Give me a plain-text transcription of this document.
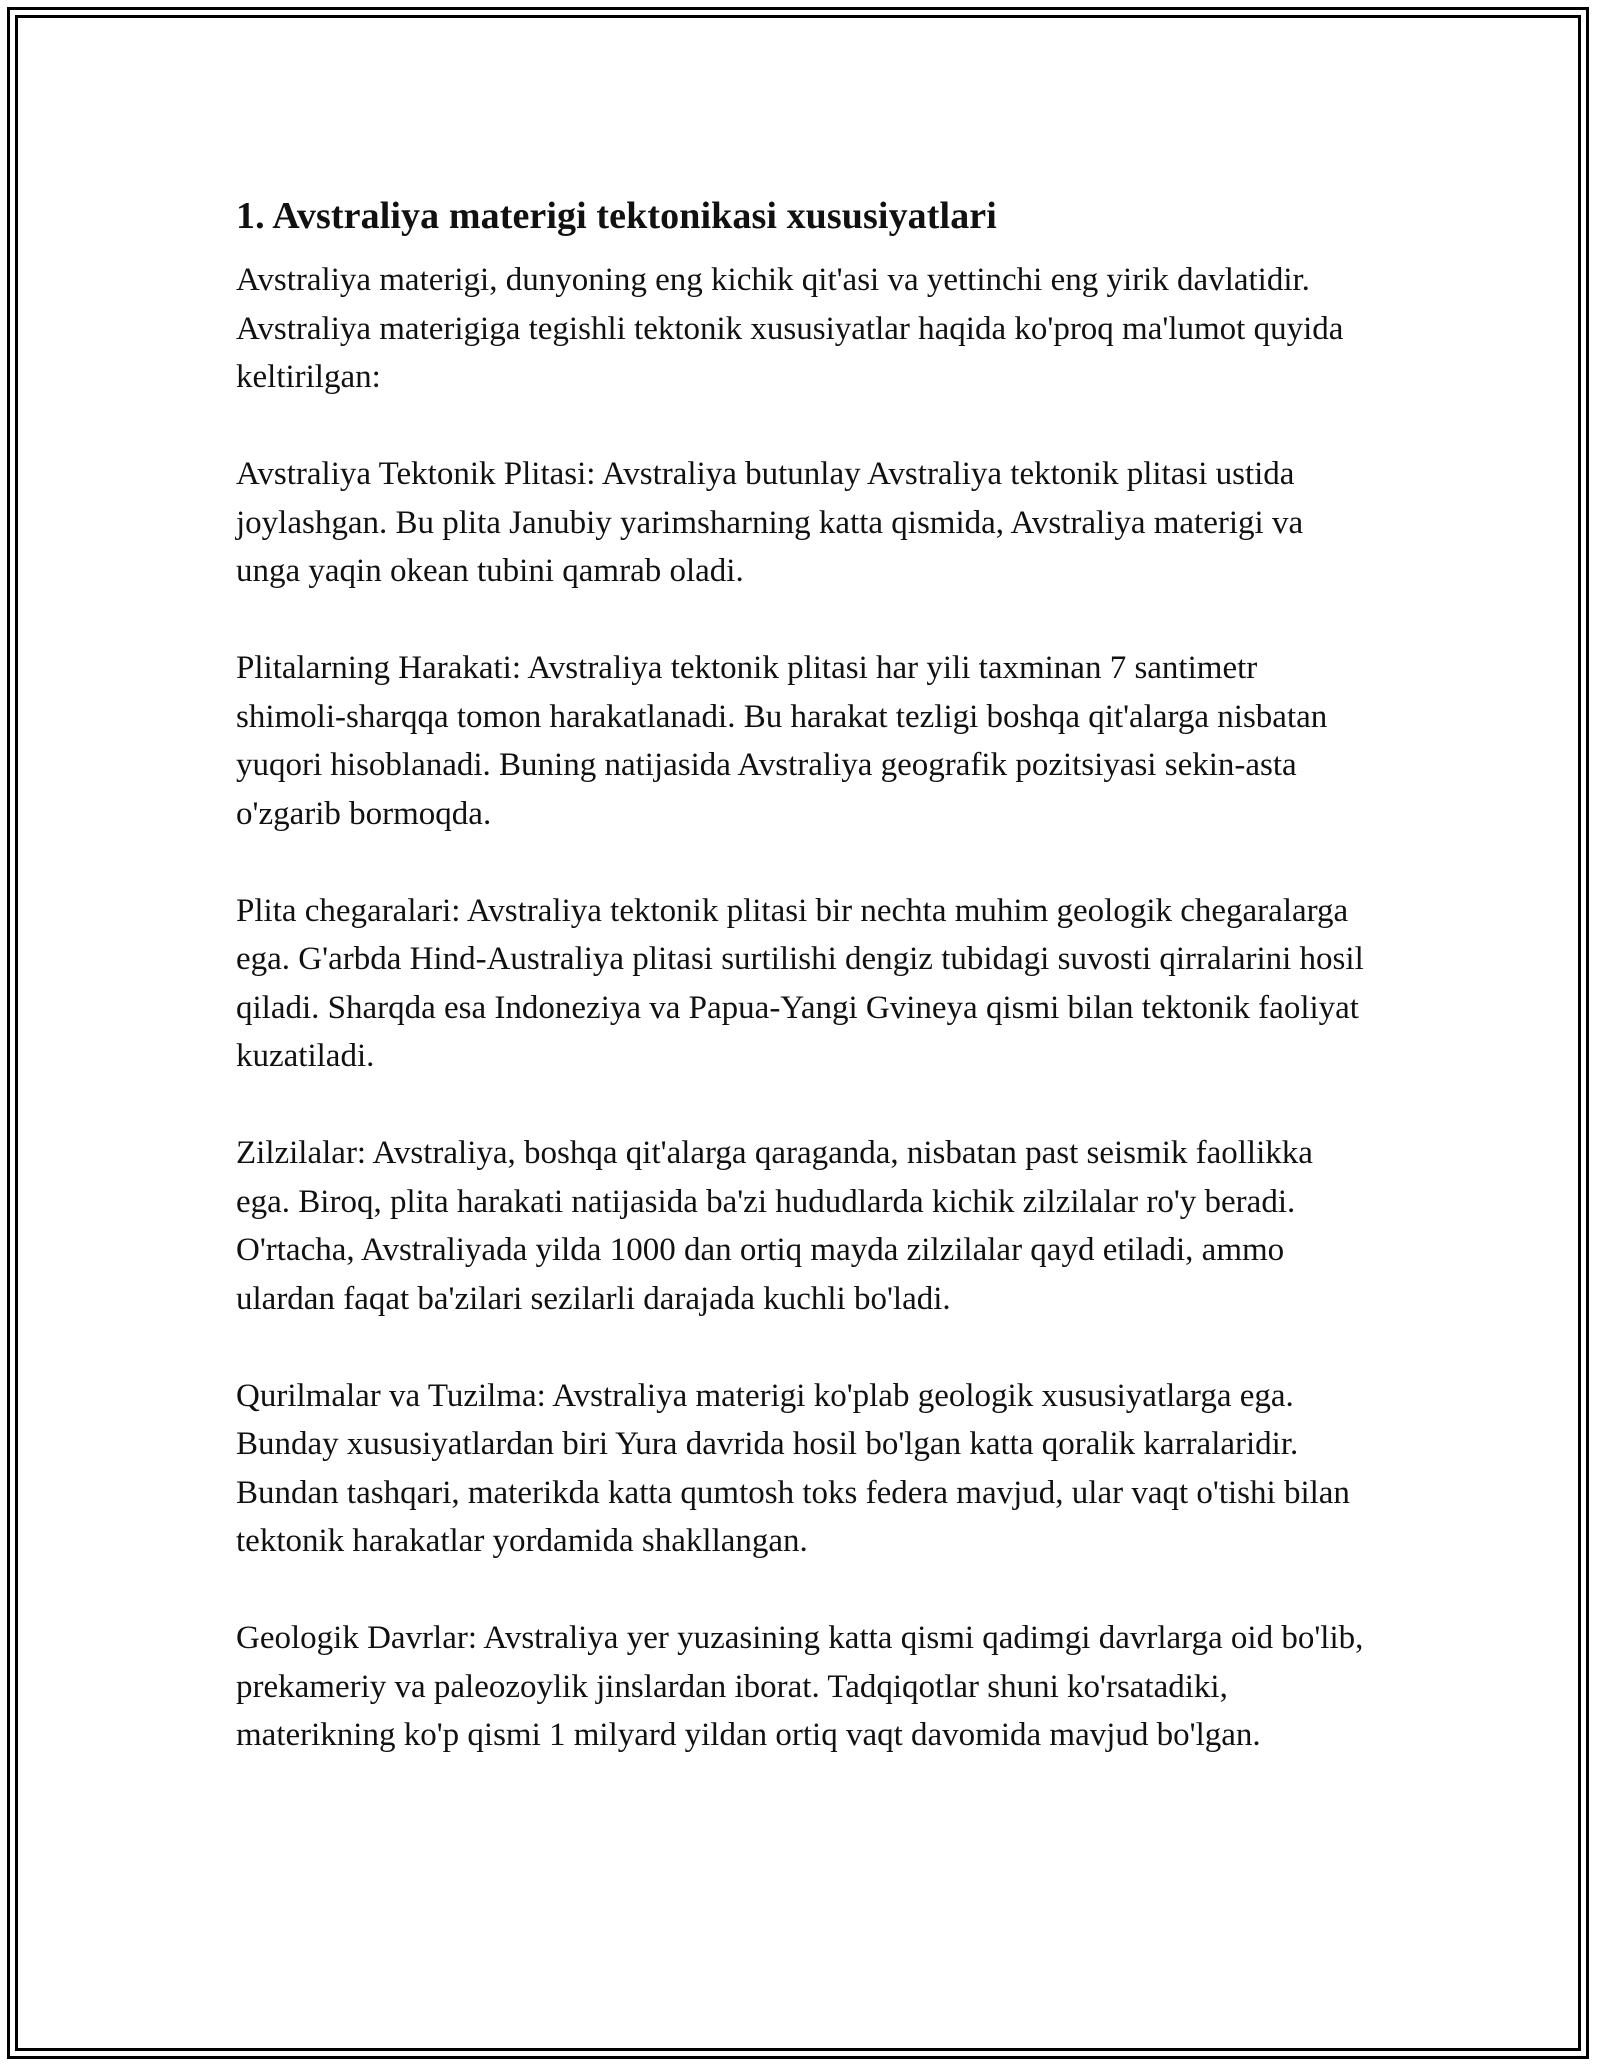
1. Avstraliya materigi tektonikasi xususiyatlari

Avstraliya materigi, dunyoning eng kichik qit'asi va yettinchi eng yirik davlatidir. Avstraliya materigiga tegishli tektonik xususiyatlar haqida ko'proq ma'lumot quyida keltirilgan:

Avstraliya Tektonik Plitasi: Avstraliya butunlay Avstraliya tektonik plitasi ustida joylashgan. Bu plita Janubiy yarimsharning katta qismida, Avstraliya materigi va unga yaqin okean tubini qamrab oladi.

Plitalarning Harakati: Avstraliya tektonik plitasi har yili taxminan 7 santimetr shimoli-sharqqa tomon harakatlanadi. Bu harakat tezligi boshqa qit'alarga nisbatan yuqori hisoblanadi. Buning natijasida Avstraliya geografik pozitsiyasi sekin-asta o'zgarib bormoqda.

Plita chegaralari: Avstraliya tektonik plitasi bir nechta muhim geologik chegaralarga ega. G'arbda Hind-Australiya plitasi surtilishi dengiz tubidagi suvosti qirralarini hosil qiladi. Sharqda esa Indoneziya va Papua-Yangi Gvineya qismi bilan tektonik faoliyat kuzatiladi.

Zilzilalar: Avstraliya, boshqa qit'alarga qaraganda, nisbatan past seismik faollikka ega. Biroq, plita harakati natijasida ba'zi hududlarda kichik zilzilalar ro'y beradi. O'rtacha, Avstraliyada yilda 1000 dan ortiq mayda zilzilalar qayd etiladi, ammo ulardan faqat ba'zilari sezilarli darajada kuchli bo'ladi.

Qurilmalar va Tuzilma: Avstraliya materigi ko'plab geologik xususiyatlarga ega. Bunday xususiyatlardan biri Yura davrida hosil bo'lgan katta qoralik karralaridir. Bundan tashqari, materikda katta qumtosh toks federa mavjud, ular vaqt o'tishi bilan tektonik harakatlar yordamida shakllangan.

Geologik Davrlar: Avstraliya yer yuzasining katta qismi qadimgi davrlarga oid bo'lib, prekameriy va paleozoylik jinslardan iborat. Tadqiqotlar shuni ko'rsatadiki, materikning ko'p qismi 1 milyard yildan ortiq vaqt davomida mavjud bo'lgan.
